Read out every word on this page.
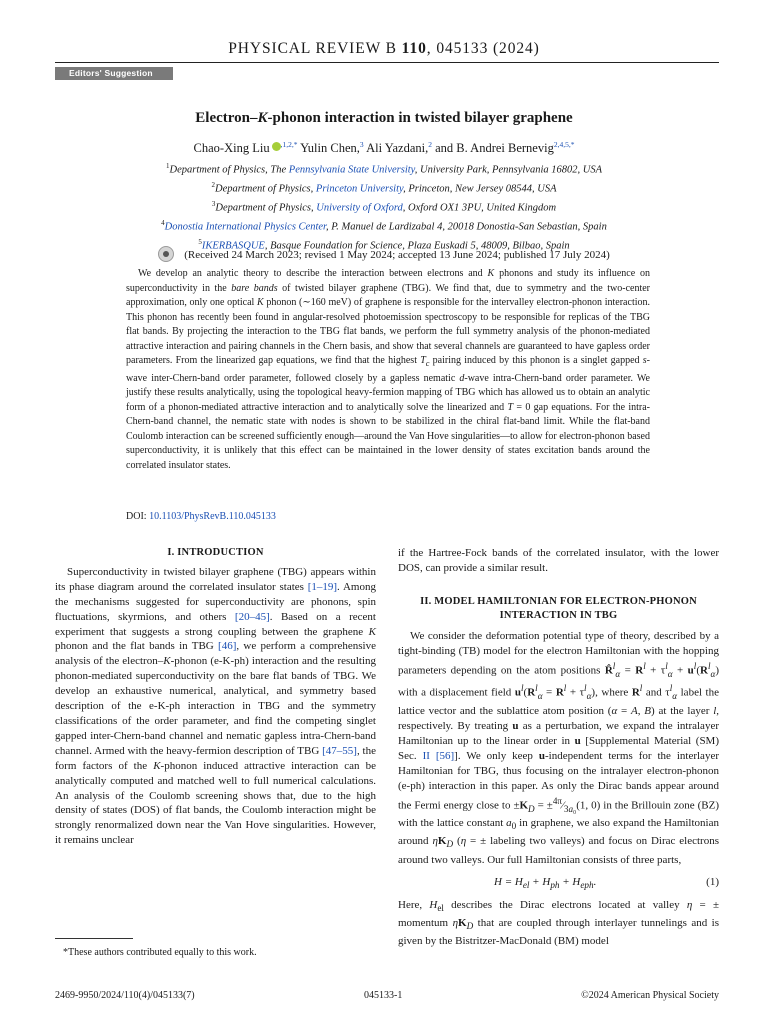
PHYSICAL REVIEW B 110, 045133 (2024)
Editors' Suggestion
Electron–K-phonon interaction in twisted bilayer graphene
Chao-Xing Liu $^{,1,2,*}$ Yulin Chen,$^3$ Ali Yazdani,$^2$ and B. Andrei Bernevig$^{2,4,5,*}$
$^1$Department of Physics, The Pennsylvania State University, University Park, Pennsylvania 16802, USA
$^2$Department of Physics, Princeton University, Princeton, New Jersey 08544, USA
$^3$Department of Physics, University of Oxford, Oxford OX1 3PU, United Kingdom
$^4$Donostia International Physics Center, P. Manuel de Lardizabal 4, 20018 Donostia-San Sebastian, Spain
$^5$IKERBASQUE, Basque Foundation for Science, Plaza Euskadi 5, 48009, Bilbao, Spain
(Received 24 March 2023; revised 1 May 2024; accepted 13 June 2024; published 17 July 2024)
We develop an analytic theory to describe the interaction between electrons and K phonons and study its influence on superconductivity in the bare bands of twisted bilayer graphene (TBG). We find that, due to symmetry and the two-center approximation, only one optical K phonon (∼160 meV) of graphene is responsible for the intervalley electron-phonon interaction. This phonon has recently been found in angular-resolved photoemission spectroscopy to be responsible for replicas of the TBG flat bands. By projecting the interaction to the TBG flat bands, we perform the full symmetry analysis of the phonon-mediated attractive interaction and pairing channels in the Chern basis, and show that several channels are guaranteed to have gapless order parameters. From the linearized gap equations, we find that the highest $T_c$ pairing induced by this phonon is a singlet gapped s-wave inter-Chern-band order parameter, followed closely by a gapless nematic d-wave intra-Chern-band order parameter. We justify these results analytically, using the topological heavy-fermion mapping of TBG which has allowed us to obtain an analytic form of a phonon-mediated attractive interaction and to analytically solve the linearized and T = 0 gap equations. For the intra-Chern-band channel, the nematic state with nodes is shown to be stabilized in the chiral flat-band limit. While the flat-band Coulomb interaction can be screened sufficiently enough—around the Van Hove singularities—to allow for electron-phonon based superconductivity, it is unlikely that this effect can be maintained in the lower density of states excitation bands around the correlated insulator states.
DOI: 10.1103/PhysRevB.110.045133
I. INTRODUCTION

Superconductivity in twisted bilayer graphene (TBG) appears within its phase diagram around the correlated insulator states [1–19]. Among the mechanisms suggested for superconductivity are phonons, spin fluctuations, skyrmions, and others [20–45]. Based on a recent experiment that suggests a strong coupling between the graphene K phonon and the flat bands in TBG [46], we perform a comprehensive analysis of the electron–K-phonon (e-K-ph) interaction and the resulting phonon-mediated superconductivity on the bare flat bands of TBG. We develop an exhaustive numerical, analytical, and symmetry based description of the e-K-ph interaction in TBG and the symmetry classifications of the order parameter, and find the competing singlet gapped inter-Chern-band channel and nematic gapless intra-Chern-band channel. Armed with the heavy-fermion description of TBG [47–55], the form factors of the K-phonon induced attractive interaction can be analytically computed and matched well to full numerical calculations. An analysis of the Coulomb screening shows that, due to the high density of states (DOS) of flat bands, the Coulomb interaction might be strongly renormalized down near the Van Hove singularities. However, it remains unclear

if the Hartree-Fock bands of the correlated insulator, with the lower DOS, can provide a similar result.

II. MODEL HAMILTONIAN FOR ELECTRON-PHONON INTERACTION IN TBG

We consider the deformation potential type of theory, described by a tight-binding (TB) model for the electron Hamiltonian with the hopping parameters depending on the atom positions R̂$^l_\alpha$ = $R^l + \tau^l_\alpha + u^l(R^l_\alpha)$ with a displacement field $u^l(R^l_\alpha = R^l + \tau^l_\alpha)$, where $R^l$ and $\tau^l_\alpha$ label the lattice vector and the sublattice atom position (α = A, B) at the layer l, respectively. By treating u as a perturbation, we expand the intralayer Hamiltonian up to the linear order in u [Supplemental Material (SM) Sec. II [56]]. We only keep u-independent terms for the interlayer Hamiltonian for TBG, thus focusing on the intralayer electron-phonon (e-ph) interaction in this paper. As only the Dirac bands appear around the Fermi energy close to $\pm K_D$ = $\pm^{4\pi}⁄_{3a_0}(1$, 0) in the Brillouin zone (BZ) with the lattice constant $a_0$ in graphene, we also expand the Hamiltonian around $\eta K_D$ (η = ± labeling two valleys) and focus on Dirac electrons around two valleys. Our full Hamiltonian consists of three parts,

$H = H_{el} + H_{ph} + H_{eph}$.	(1)

Here, $H_{el}$ describes the Dirac electrons located at valley η = ± momentum $\eta K_D$ that are coupled through interlayer tunnelings and is given by the Bistritzer-MacDonald (BM) model

*These authors contributed equally to this work.
2469-9950/2024/110(4)/045133(7)	045133-1	©2024 American Physical Society
